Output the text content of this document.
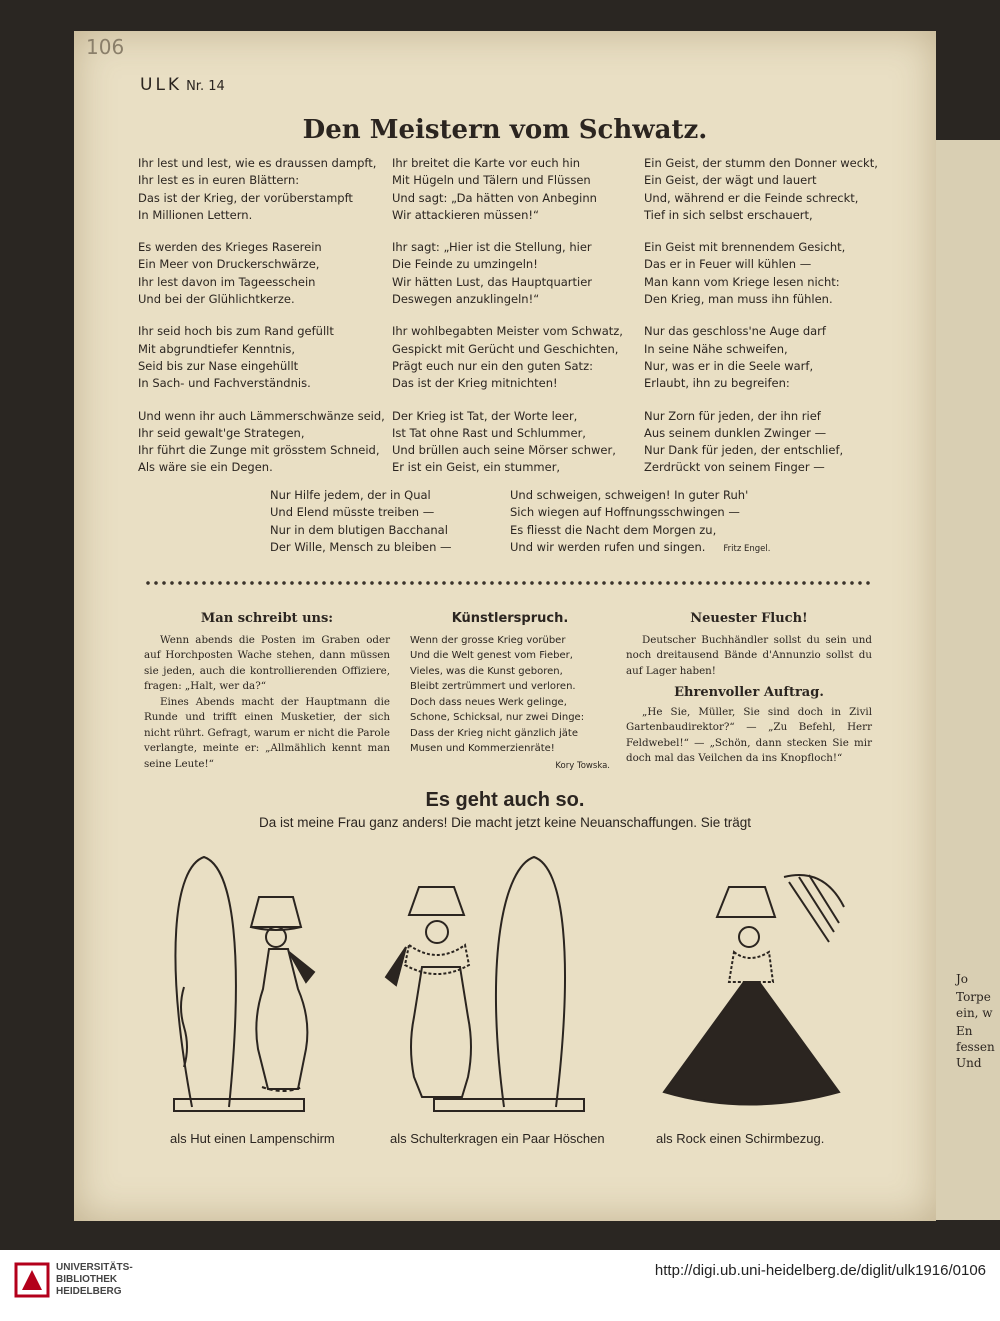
Jo
Torpe
ein, w
En
fessen
Und
106
ULK Nr. 14
Den Meistern vom Schwatz.
Ihr lest und lest, wie es draussen dampft,
Ihr lest es in euren Blättern:
Das ist der Krieg, der vorüberstampft
In Millionen Lettern.
Es werden des Krieges Raserein
Ein Meer von Druckerschwärze,
Ihr lest davon im Tageesschein
Und bei der Glühlichtkerze.
Ihr seid hoch bis zum Rand gefüllt
Mit abgrundtiefer Kenntnis,
Seid bis zur Nase eingehüllt
In Sach- und Fachverständnis.
Und wenn ihr auch Lämmerschwänze seid,
Ihr seid gewalt'ge Strategen,
Ihr führt die Zunge mit grösstem Schneid,
Als wäre sie ein Degen.
Ihr breitet die Karte vor euch hin
Mit Hügeln und Tälern und Flüssen
Und sagt: „Da hätten von Anbeginn
Wir attackieren müssen!“
Ihr sagt: „Hier ist die Stellung, hier
Die Feinde zu umzingeln!
Wir hätten Lust, das Hauptquartier
Deswegen anzuklingeln!“
Ihr wohlbegabten Meister vom Schwatz,
Gespickt mit Gerücht und Geschichten,
Prägt euch nur ein den guten Satz:
Das ist der Krieg mitnichten!
Der Krieg ist Tat, der Worte leer,
Ist Tat ohne Rast und Schlummer,
Und brüllen auch seine Mörser schwer,
Er ist ein Geist, ein stummer,
Ein Geist, der stumm den Donner weckt,
Ein Geist, der wägt und lauert
Und, während er die Feinde schreckt,
Tief in sich selbst erschauert,
Ein Geist mit brennendem Gesicht,
Das er in Feuer will kühlen —
Man kann vom Kriege lesen nicht:
Den Krieg, man muss ihn fühlen.
Nur das geschloss'ne Auge darf
In seine Nähe schweifen,
Nur, was er in die Seele warf,
Erlaubt, ihn zu begreifen:
Nur Zorn für jeden, der ihn rief
Aus seinem dunklen Zwinger —
Nur Dank für jeden, der entschlief,
Zerdrückt von seinem Finger —
Nur Hilfe jedem, der in Qual
Und Elend müsste treiben —
Nur in dem blutigen Bacchanal
Der Wille, Mensch zu bleiben —
Und schweigen, schweigen! In guter Ruh'
Sich wiegen auf Hoffnungsschwingen —
Es fliesst die Nacht dem Morgen zu,
Und wir werden rufen und singen. Fritz Engel.
Man schreibt uns:

Wenn abends die Posten im Graben oder auf Horchposten Wache stehen, dann müssen sie jeden, auch die kontrollierenden Offiziere, fragen: „Halt, wer da?“

Eines Abends macht der Hauptmann die Runde und trifft einen Musketier, der sich nicht rührt. Gefragt, warum er nicht die Parole verlangte, meinte er: „Allmählich kennt man seine Leute!“

Künstlerspruch.
Wenn der grosse Krieg vorüber
Und die Welt genest vom Fieber,
Vieles, was die Kunst geboren,
Bleibt zertrümmert und verloren.
Doch dass neues Werk gelinge,
Schone, Schicksal, nur zwei Dinge:
Dass der Krieg nicht gänzlich jäte
Musen und Kommerzienräte!
Kory Towska.
Neuester Fluch!

Deutscher Buchhändler sollst du sein und noch dreitausend Bände d'Annunzio sollst du auf Lager haben!

Ehrenvoller Auftrag.

„He Sie, Müller, Sie sind doch in Zivil Gartenbaudirektor?“ — „Zu Befehl, Herr Feldwebel!“ — „Schön, dann stecken Sie mir doch mal das Veilchen da ins Knopfloch!“

Es geht auch so.
Da ist meine Frau ganz anders! Die macht jetzt keine Neuanschaffungen. Sie trägt
als Hut einen Lampenschirm	als Schulterkragen ein Paar Höschen	als Rock einen Schirmbezug.
UNIVERSITÄTS-
BIBLIOTHEK
HEIDELBERG
http://digi.ub.uni-heidelberg.de/diglit/ulk1916/0106
